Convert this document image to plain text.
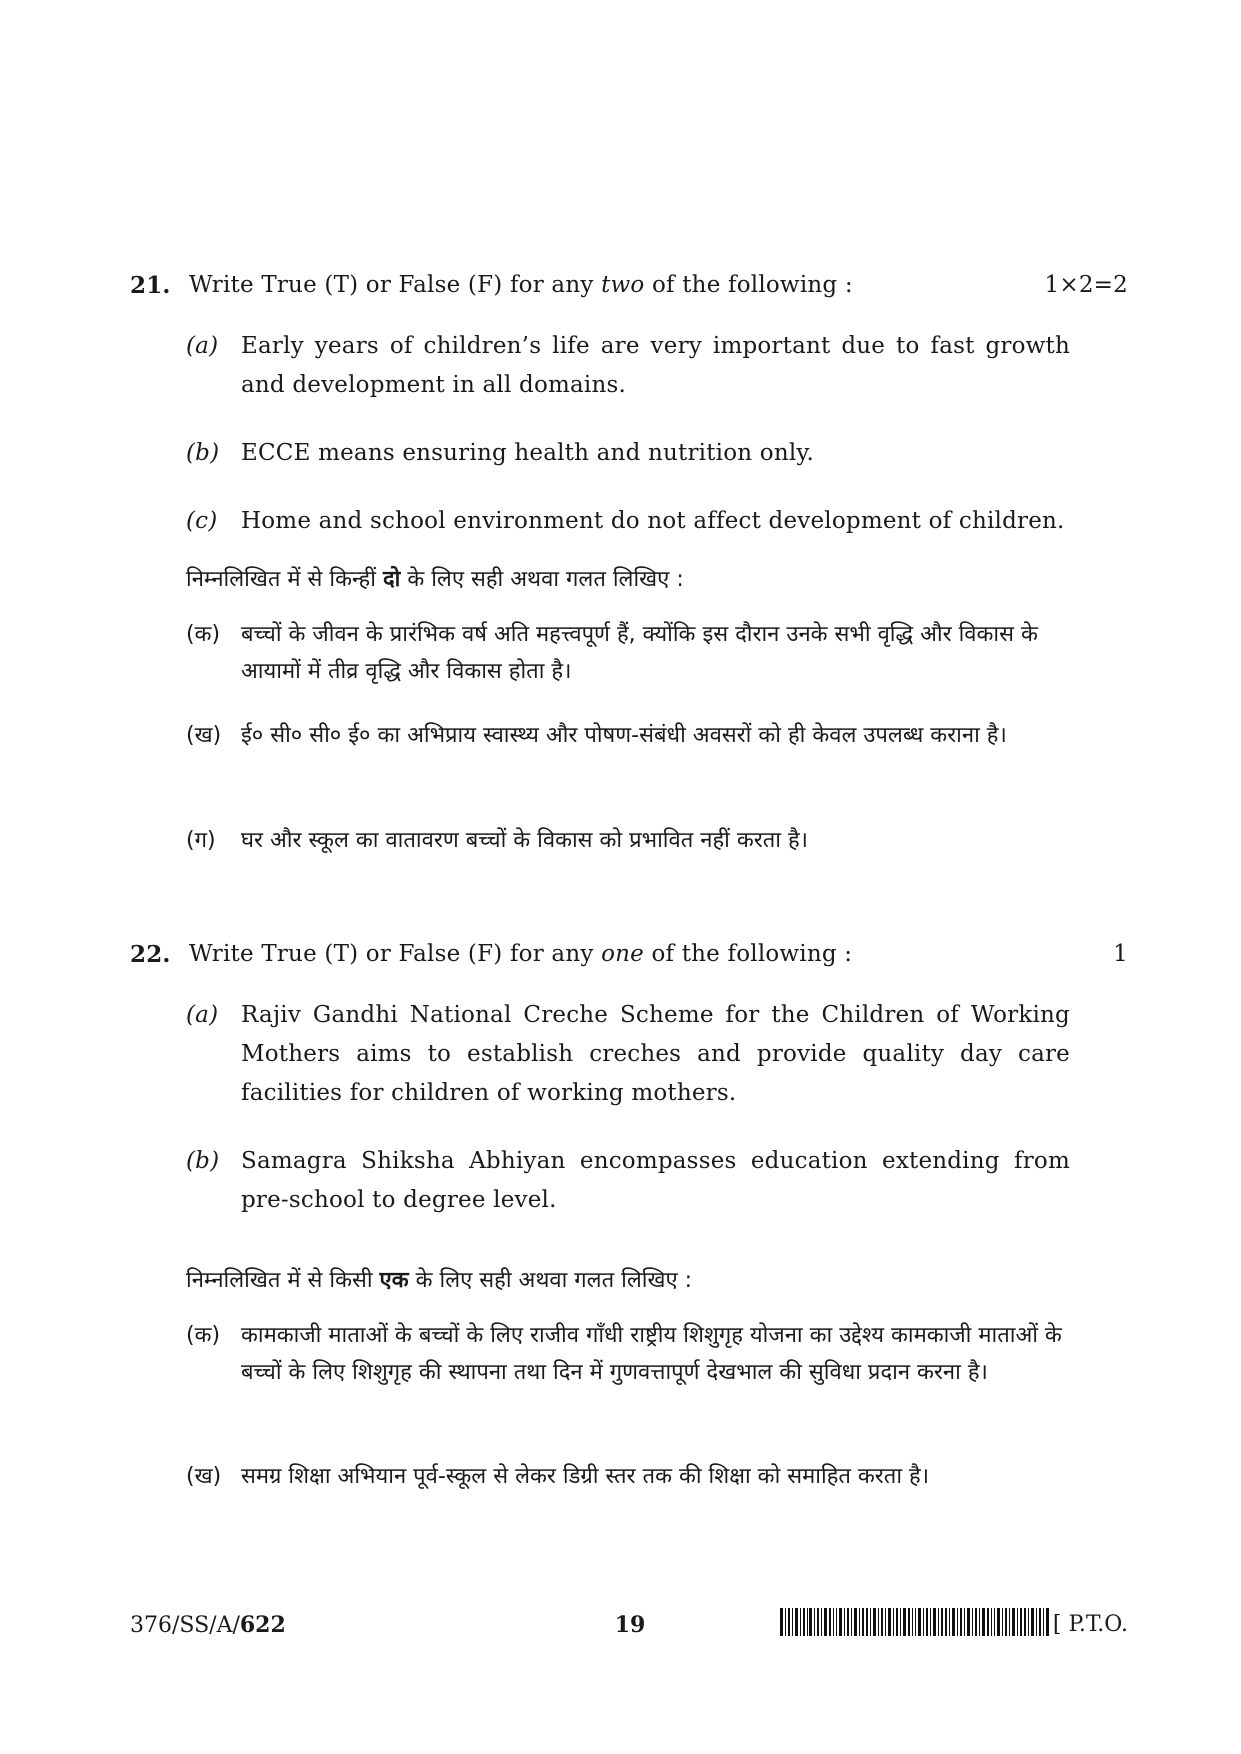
21. Write True (T) or False (F) for any two of the following :	1×2=2
(a) Early years of children’s life are very important due to fast growth and development in all domains.
(b) ECCE means ensuring health and nutrition only.
(c) Home and school environment do not affect development of children.
निम्नलिखित में से किन्हीं दो के लिए सही अथवा गलत लिखिए :
(क) बच्चों के जीवन के प्रारंभिक वर्ष अति महत्त्वपूर्ण हैं, क्योंकि इस दौरान उनके सभी वृद्धि और विकास के आयामों में तीव्र वृद्धि और विकास होता है।
(ख) ई० सी० सी० ई० का अभिप्राय स्वास्थ्य और पोषण-संबंधी अवसरों को ही केवल उपलब्ध कराना है।
(ग) घर और स्कूल का वातावरण बच्चों के विकास को प्रभावित नहीं करता है।
22. Write True (T) or False (F) for any one of the following :	1
(a) Rajiv Gandhi National Creche Scheme for the Children of Working Mothers aims to establish creches and provide quality day care facilities for children of working mothers.
(b) Samagra Shiksha Abhiyan encompasses education extending from pre-school to degree level.
निम्नलिखित में से किसी एक के लिए सही अथवा गलत लिखिए :
(क) कामकाजी माताओं के बच्चों के लिए राजीव गाँधी राष्ट्रीय शिशुगृह योजना का उद्देश्य कामकाजी माताओं के बच्चों के लिए शिशुगृह की स्थापना तथा दिन में गुणवत्तापूर्ण देखभाल की सुविधा प्रदान करना है।
(ख) समग्र शिक्षा अभियान पूर्व-स्कूल से लेकर डिग्री स्तर तक की शिक्षा को समाहित करता है।
376/SS/A/622	19	[ P.T.O.
